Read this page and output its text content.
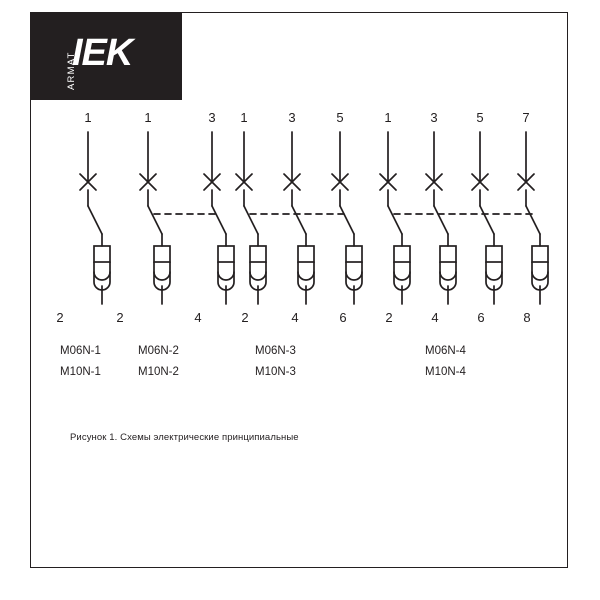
IEK
ARMAT
1	1	3 1	3	5	1	3	5	7
2	2	4	2	4	6	2	4	6	8
M06N-1
M10N-1
M06N-2
M10N-2
M06N-3
M10N-3
M06N-4
M10N-4
Рисунок 1. Схемы электрические принципиальные
